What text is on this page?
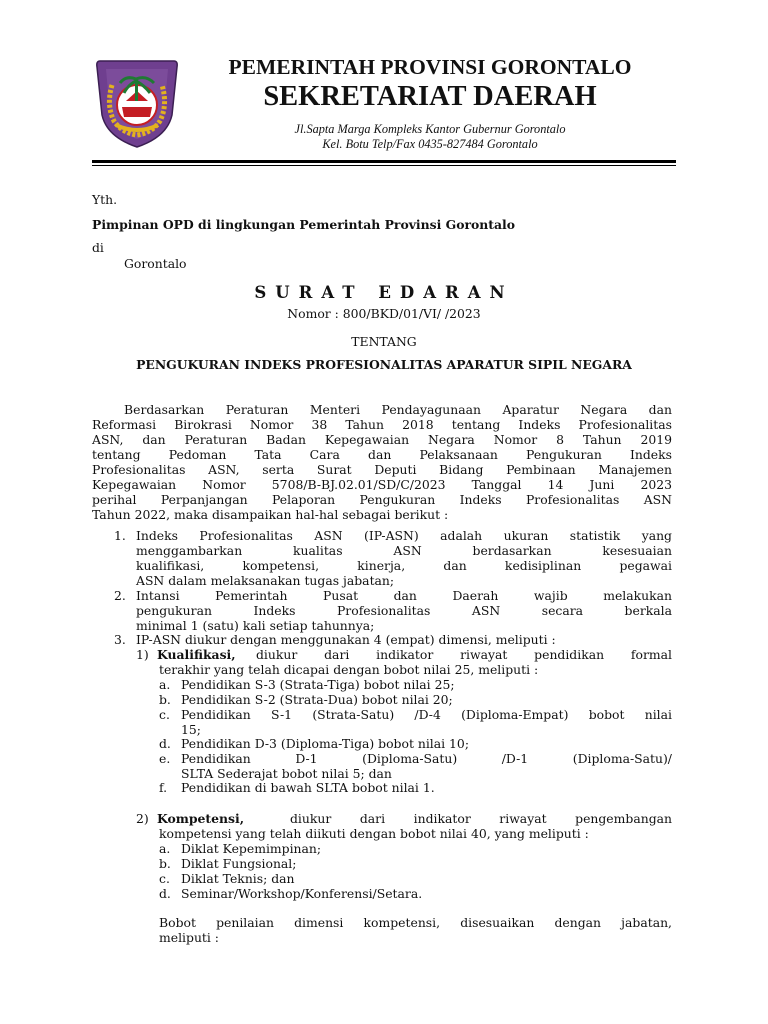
PEMERINTAH PROVINSI GORONTALO
SEKRETARIAT DAERAH
Jl.Sapta Marga Kompleks Kantor Gubernur Gorontalo
Kel. Botu Telp/Fax 0435-827484 Gorontalo
Yth.
Pimpinan OPD di lingkungan Pemerintah Provinsi Gorontalo
di
Gorontalo
SURAT EDARAN
Nomor : 800/BKD/01/VI/ /2023
TENTANG
PENGUKURAN INDEKS PROFESIONALITAS APARATUR SIPIL NEGARA
Berdasarkan Peraturan Menteri Pendayagunaan Aparatur Negara dan
Reformasi Birokrasi Nomor 38 Tahun 2018 tentang Indeks Profesionalitas
ASN, dan Peraturan Badan Kepegawaian Negara Nomor 8 Tahun 2019
tentang Pedoman Tata Cara dan Pelaksanaan Pengukuran Indeks
Profesionalitas ASN, serta Surat Deputi Bidang Pembinaan Manajemen
Kepegawaian Nomor 5708/B-BJ.02.01/SD/C/2023 Tanggal 14 Juni 2023
perihal Perpanjangan Pelaporan Pengukuran Indeks Profesionalitas ASN
Tahun 2022, maka disampaikan hal-hal sebagai berikut :
1. Indeks Profesionalitas ASN (IP-ASN) adalah ukuran statistik yang
menggambarkan kualitas ASN berdasarkan kesesuaian
kualifikasi, kompetensi, kinerja, dan kedisiplinan pegawai
ASN dalam melaksanakan tugas jabatan;
2. Intansi Pemerintah Pusat dan Daerah wajib melakukan
pengukuran Indeks Profesionalitas ASN secara berkala
minimal 1 (satu) kali setiap tahunnya;
3. IP-ASN diukur dengan menggunakan 4 (empat) dimensi, meliputi :
1) Kualifikasi, diukur dari indikator riwayat pendidikan formal
terakhir yang telah dicapai dengan bobot nilai 25, meliputi :
a. Pendidikan S-3 (Strata-Tiga) bobot nilai 25;
b. Pendidikan S-2 (Strata-Dua) bobot nilai 20;
c. Pendidikan S-1 (Strata-Satu) /D-4 (Diploma-Empat) bobot nilai
15;
d. Pendidikan D-3 (Diploma-Tiga) bobot nilai 10;
e. Pendidikan D-1 (Diploma-Satu) /D-1 (Diploma-Satu)/
SLTA Sederajat bobot nilai 5; dan
f. Pendidikan di bawah SLTA bobot nilai 1.
2) Kompetensi,	diukur dari indikator riwayat pengembangan
kompetensi yang telah diikuti dengan bobot nilai 40, yang meliputi :
a. Diklat Kepemimpinan;
b. Diklat Fungsional;
c. Diklat Teknis; dan
d. Seminar/Workshop/Konferensi/Setara.
Bobot penilaian dimensi kompetensi, disesuaikan dengan jabatan,
meliputi :
